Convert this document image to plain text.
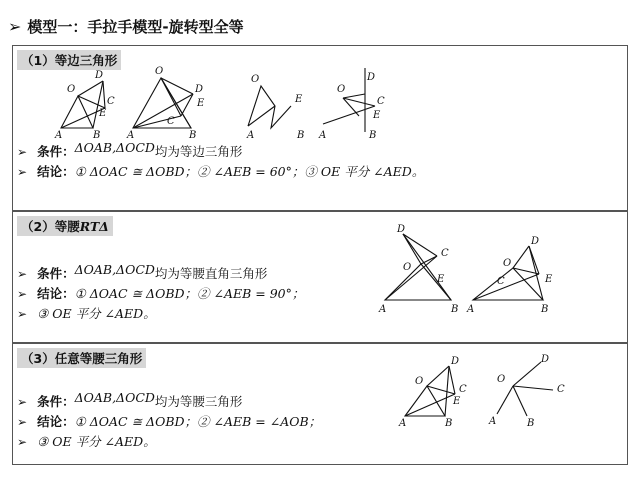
➢ 模型一：手拉手模型-旋转型全等
（1）等边三角形
O
D
C
E
A	B
O
D
E
C
A	B
O
E
A	B
O
C
E
D
A	B
➢ 条件：ΔOAB,ΔOCD均为等边三角形
➢ 结论：① ΔOAC ≅ ΔOBD；② ∠AEB = 60°；③ OE 平分 ∠AED。
（2）等腰RTΔ	D
C
O
E
A	B
D
O
C	E
A	B
➢ 条件：ΔOAB,ΔOCD均为等腰直角三角形
➢ 结论：① ΔOAC ≅ ΔOBD；② ∠AEB = 90°；
➢ ③ OE 平分 ∠AED。
（3）任意等腰三角形
O
D
C
E
A	B
O
D
C
A	B
➢ 条件：ΔOAB,ΔOCD均为等腰三角形
➢ 结论：① ΔOAC ≅ ΔOBD；② ∠AEB = ∠AOB；
➢ ③ OE 平分 ∠AED。
